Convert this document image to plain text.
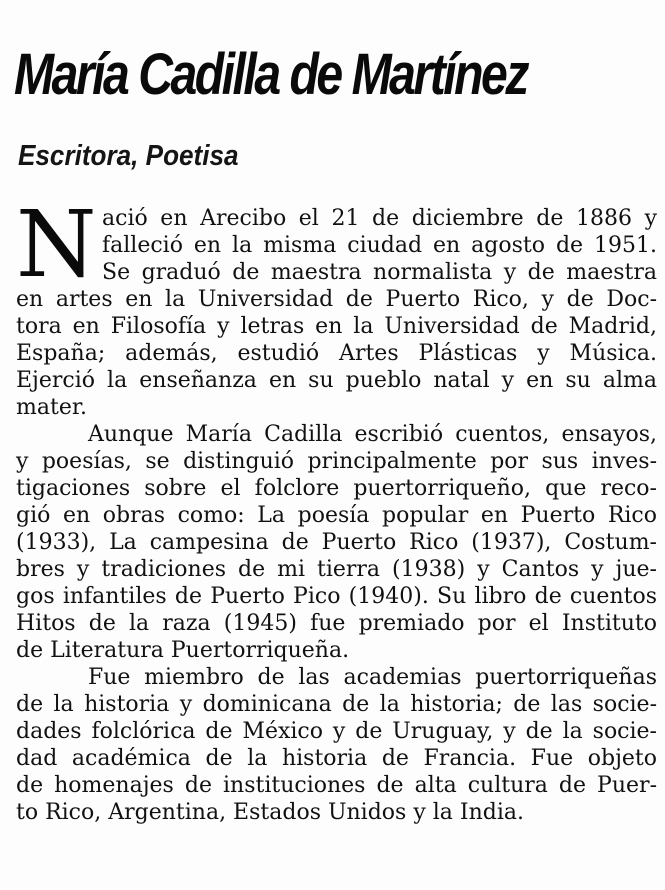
María Cadilla de Martínez
Escritora, Poetisa
N ació en Arecibo el 21 de diciembre de 1886 y
falleció en la misma ciudad en agosto de 1951.
Se graduó de maestra normalista y de maestra
en artes en la Universidad de Puerto Rico, y de Doc-
tora en Filosofía y letras en la Universidad de Madrid,
España; además, estudió Artes Plásticas y Música.
Ejerció la enseñanza en su pueblo natal y en su alma
mater.
Aunque María Cadilla escribió cuentos, ensayos,
y poesías, se distinguió principalmente por sus inves-
tigaciones sobre el folclore puertorriqueño, que reco-
gió en obras como: La poesía popular en Puerto Rico
(1933), La campesina de Puerto Rico (1937), Costum-
bres y tradiciones de mi tierra (1938) y Cantos y jue-
gos infantiles de Puerto Pico (1940). Su libro de cuentos
Hitos de la raza (1945) fue premiado por el Instituto
de Literatura Puertorriqueña.
Fue miembro de las academias puertorriqueñas
de la historia y dominicana de la historia; de las socie-
dades folclórica de México y de Uruguay, y de la socie-
dad académica de la historia de Francia. Fue objeto
de homenajes de instituciones de alta cultura de Puer-
to Rico, Argentina, Estados Unidos y la India.
